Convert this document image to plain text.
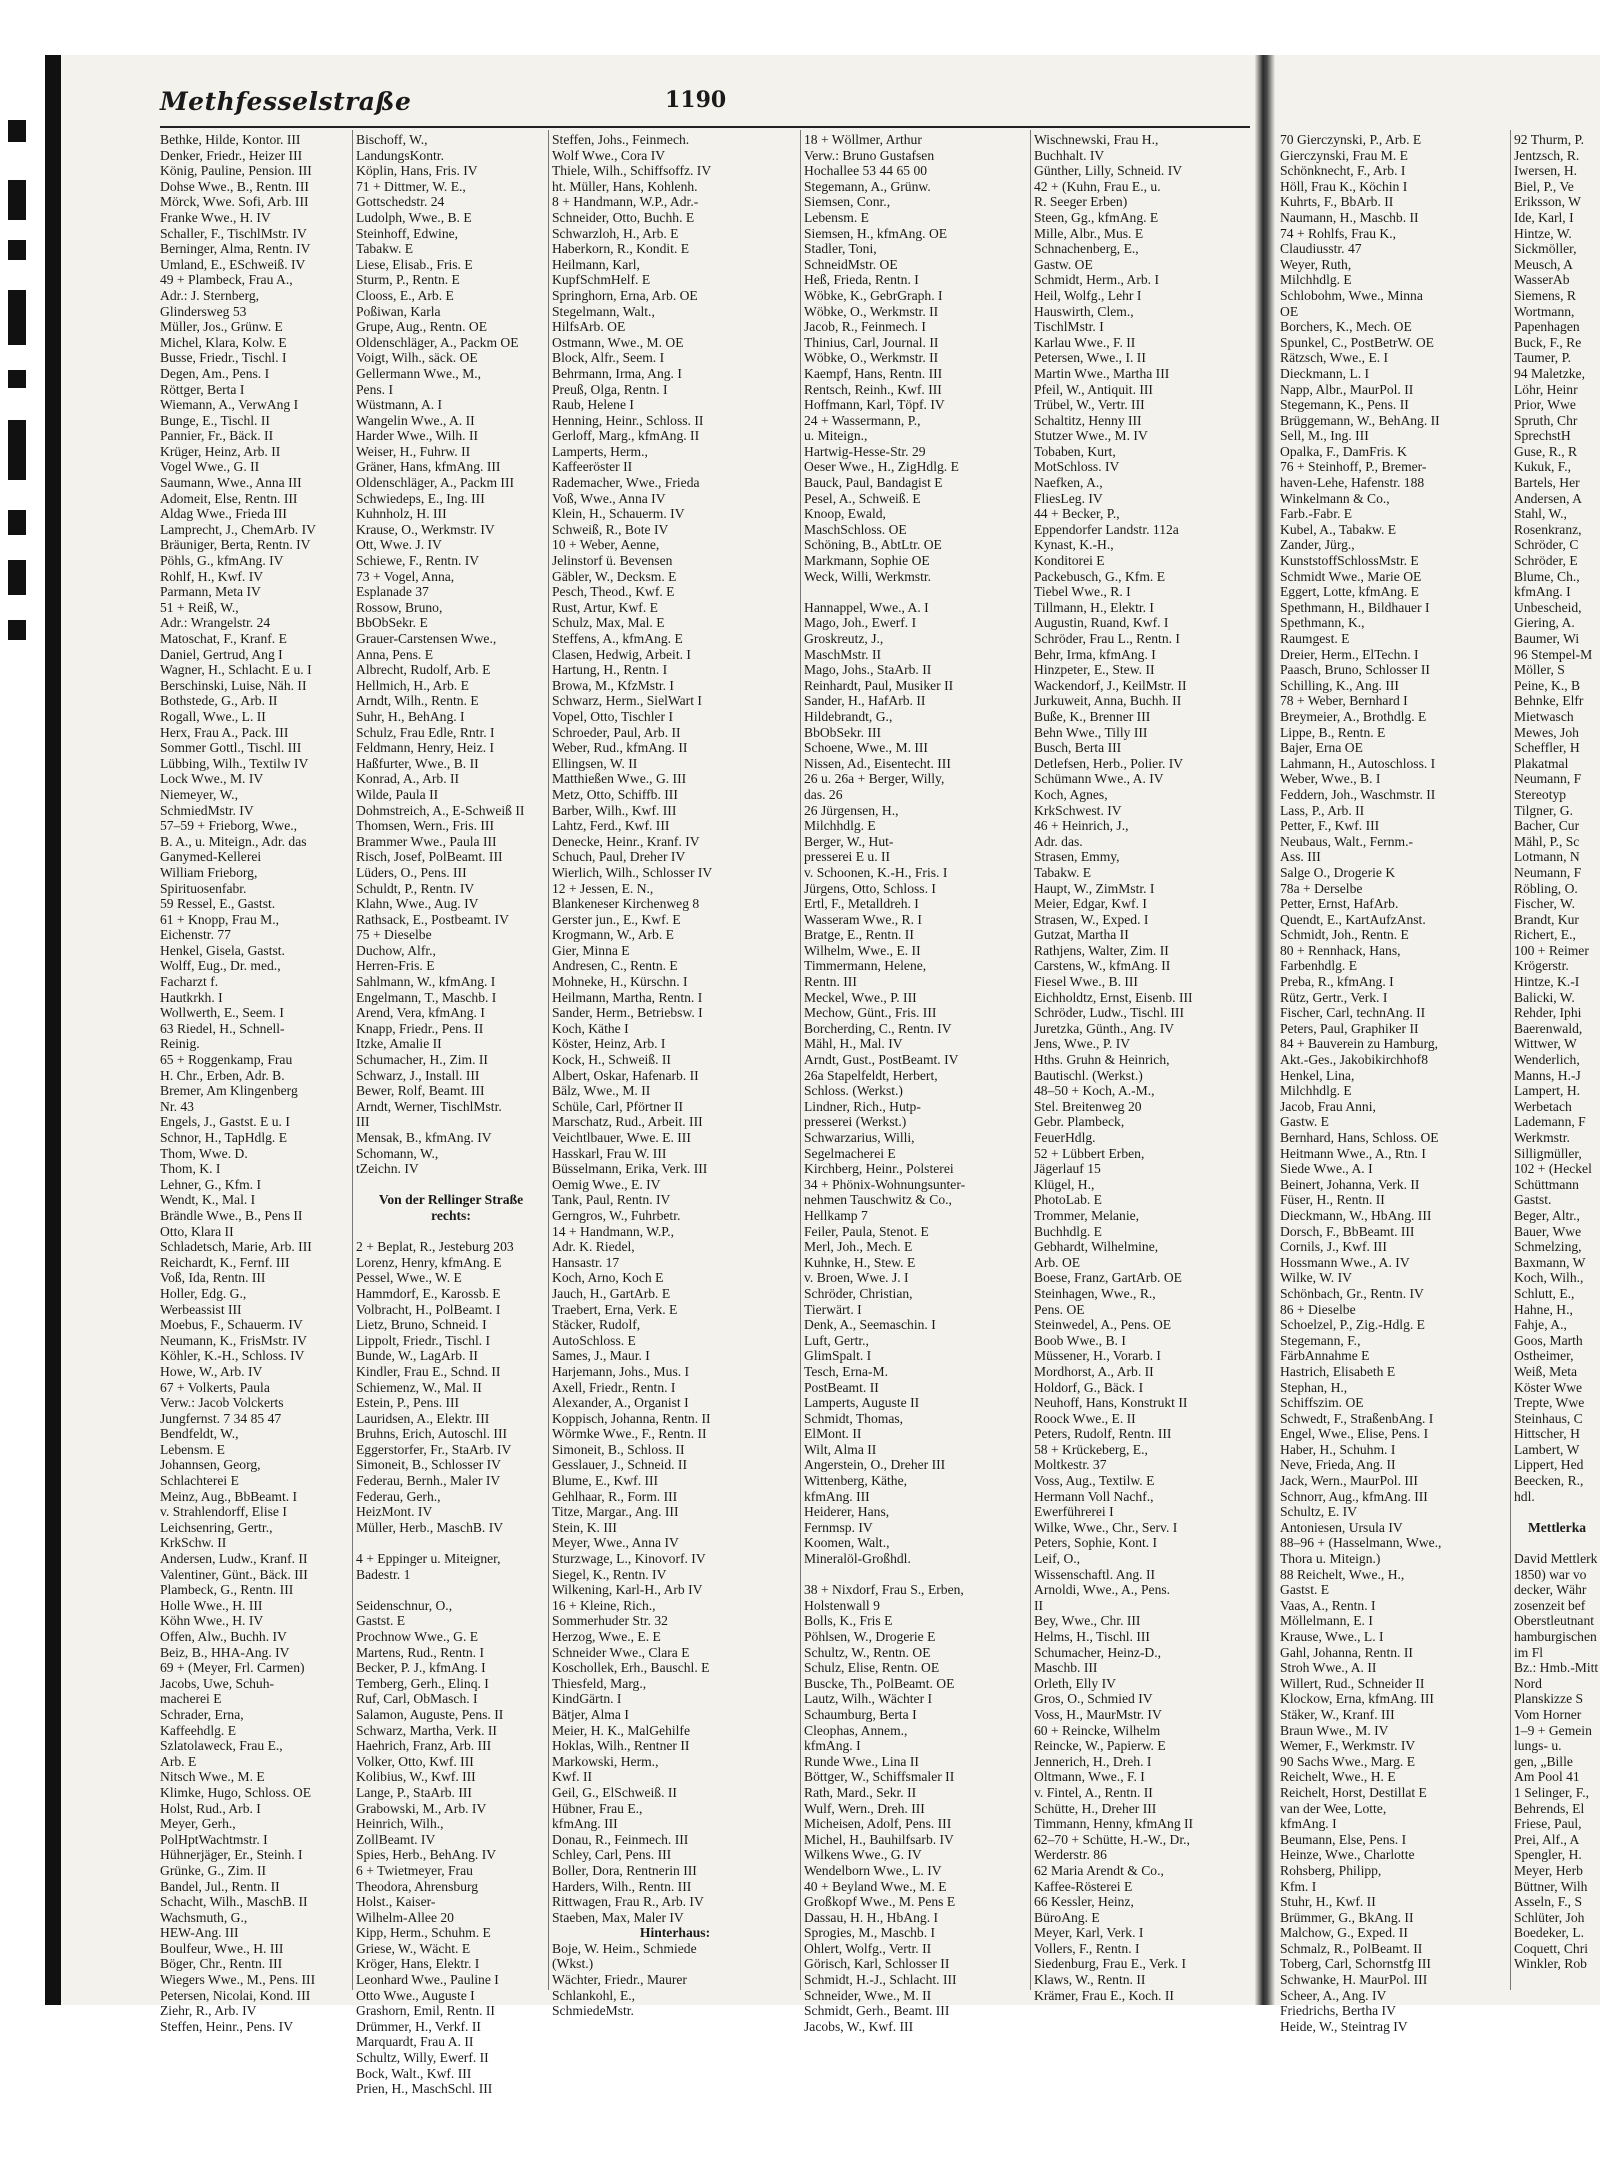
Methfesselstraße	1190
Bethke, Hilde, Kontor. III
Denker, Friedr., Heizer III
König, Pauline, Pension. III
Dohse Wwe., B., Rentn. III
Mörck, Wwe. Sofi, Arb. III
Franke Wwe., H. IV
Schaller, F., TischlMstr. IV
Berninger, Alma, Rentn. IV
Umland, E., ESchweiß. IV
49 + Plambeck, Frau A.,
Adr.: J. Sternberg,
Glindersweg 53
Müller, Jos., Grünw. E
Michel, Klara, Kolw. E
Busse, Friedr., Tischl. I
Degen, Am., Pens. I
Röttger, Berta I
Wiemann, A., VerwAng I
Bunge, E., Tischl. II
Pannier, Fr., Bäck. II
Krüger, Heinz, Arb. II
Vogel Wwe., G. II
Saumann, Wwe., Anna III
Adomeit, Else, Rentn. III
Aldag Wwe., Frieda III
Lamprecht, J., ChemArb. IV
Bräuniger, Berta, Rentn. IV
Pöhls, G., kfmAng. IV
Rohlf, H., Kwf. IV
Parmann, Meta IV
51 + Reiß, W.,
Adr.: Wrangelstr. 24
Matoschat, F., Kranf. E
Daniel, Gertrud, Ang I
Wagner, H., Schlacht. E u. I
Berschinski, Luise, Näh. II
Bothstede, G., Arb. II
Rogall, Wwe., L. II
Herx, Frau A., Pack. III
Sommer Gottl., Tischl. III
Lübbing, Wilh., Textilw IV
Lock Wwe., M. IV
Niemeyer, W.,
SchmiedMstr. IV
57–59 + Frieborg, Wwe.,
B. A., u. Miteign., Adr. das
Ganymed-Kellerei
William Frieborg,
Spirituosenfabr.
59 Ressel, E., Gastst.
61 + Knopp, Frau M.,
Eichenstr. 77
Henkel, Gisela, Gastst.
Wolff, Eug., Dr. med.,
Facharzt f.
Hautkrkh. I
Wollwerth, E., Seem. I
63 Riedel, H., Schnell-
Reinig.
65 + Roggenkamp, Frau
H. Chr., Erben, Adr. B.
Bremer, Am Klingenberg
Nr. 43
Engels, J., Gastst. E u. I
Schnor, H., TapHdlg. E
Thom, Wwe. D.
Thom, K. I
Lehner, G., Kfm. I
Wendt, K., Mal. I
Brändle Wwe., B., Pens II
Otto, Klara II
Schladetsch, Marie, Arb. III
Reichardt, K., Fernf. III
Voß, Ida, Rentn. III
Holler, Edg. G.,
Werbeassist III
Moebus, F., Schauerm. IV
Neumann, K., FrisMstr. IV
Köhler, K.-H., Schloss. IV
Howe, W., Arb. IV
67 + Volkerts, Paula
Verw.: Jacob Volckerts
Jungfernst. 7 34 85 47
Bendfeldt, W.,
Lebensm. E
Johannsen, Georg,
Schlachterei E
Meinz, Aug., BbBeamt. I
v. Strahlendorff, Elise I
Leichsenring, Gertr.,
KrkSchw. II
Andersen, Ludw., Kranf. II
Valentiner, Günt., Bäck. III
Plambeck, G., Rentn. III
Holle Wwe., H. III
Köhn Wwe., H. IV
Offen, Alw., Buchh. IV
Beiz, B., HHA-Ang. IV
69 + (Meyer, Frl. Carmen)
Jacobs, Uwe, Schuh-
macherei E
Schrader, Erna,
Kaffeehdlg. E
Szlatolaweck, Frau E.,
Arb. E
Nitsch Wwe., M. E
Klimke, Hugo, Schloss. OE
Holst, Rud., Arb. I
Meyer, Gerh.,
PolHptWachtmstr. I
Hühnerjäger, Er., Steinh. I
Grünke, G., Zim. II
Bandel, Jul., Rentn. II
Schacht, Wilh., MaschB. II
Wachsmuth, G.,
HEW-Ang. III
Boulfeur, Wwe., H. III
Böger, Chr., Rentn. III
Wiegers Wwe., M., Pens. III
Petersen, Nicolai, Kond. III
Ziehr, R., Arb. IV
Steffen, Heinr., Pens. IV
Bischoff, W.,
LandungsKontr.
Köplin, Hans, Fris. IV
71 + Dittmer, W. E.,
Gottschedstr. 24
Ludolph, Wwe., B. E
Steinhoff, Edwine,
Tabakw. E
Liese, Elisab., Fris. E
Sturm, P., Rentn. E
Clooss, E., Arb. E
Poßiwan, Karla
Grupe, Aug., Rentn. OE
Oldenschläger, A., Packm OE
Voigt, Wilh., säck. OE
Gellermann Wwe., M.,
Pens. I
Wüstmann, A. I
Wangelin Wwe., A. II
Harder Wwe., Wilh. II
Weiser, H., Fuhrw. II
Gräner, Hans, kfmAng. III
Oldenschläger, A., Packm III
Schwiedeps, E., Ing. III
Kuhnholz, H. III
Krause, O., Werkmstr. IV
Ott, Wwe. J. IV
Schiewe, F., Rentn. IV
73 + Vogel, Anna,
Esplanade 37
Rossow, Bruno,
BbObSekr. E
Grauer-Carstensen Wwe.,
Anna, Pens. E
Albrecht, Rudolf, Arb. E
Hellmich, H., Arb. E
Arndt, Wilh., Rentn. E
Suhr, H., BehAng. I
Schulz, Frau Edle, Rntr. I
Feldmann, Henry, Heiz. I
Haßfurter, Wwe., B. II
Konrad, A., Arb. II
Wilde, Paula II
Dohmstreich, A., E-Schweiß II
Thomsen, Wern., Fris. III
Brammer Wwe., Paula III
Risch, Josef, PolBeamt. III
Lüders, O., Pens. III
Schuldt, P., Rentn. IV
Klahn, Wwe., Aug. IV
Rathsack, E., Postbeamt. IV
75 + Dieselbe
Duchow, Alfr.,
Herren-Fris. E
Sahlmann, W., kfmAng. I
Engelmann, T., Maschb. I
Arend, Vera, kfmAng. I
Knapp, Friedr., Pens. II
Itzke, Amalie II
Schumacher, H., Zim. II
Schwarz, J., Install. III
Bewer, Rolf, Beamt. III
Arndt, Werner, TischlMstr.
III
Mensak, B., kfmAng. IV
Schomann, W.,
tZeichn. IV
Von der Rellinger Straße
rechts:
2 + Beplat, R., Jesteburg 203
Lorenz, Henry, kfmAng. E
Pessel, Wwe., W. E
Hammdorf, E., Karossb. E
Volbracht, H., PolBeamt. I
Lietz, Bruno, Schneid. I
Lippolt, Friedr., Tischl. I
Bunde, W., LagArb. II
Kindler, Frau E., Schnd. II
Schiemenz, W., Mal. II
Estein, P., Pens. III
Lauridsen, A., Elektr. III
Bruhns, Erich, Autoschl. III
Eggerstorfer, Fr., StaArb. IV
Simoneit, B., Schlosser IV
Federau, Bernh., Maler IV
Federau, Gerh.,
HeizMont. IV
Müller, Herb., MaschB. IV
4 + Eppinger u. Miteigner,
Badestr. 1
Seidenschnur, O.,
Gastst. E
Prochnow Wwe., G. E
Martens, Rud., Rentn. I
Becker, P. J., kfmAng. I
Temberg, Gerh., Elinq. I
Ruf, Carl, ObMasch. I
Salamon, Auguste, Pens. II
Schwarz, Martha, Verk. II
Haehrich, Franz, Arb. III
Volker, Otto, Kwf. III
Kolibius, W., Kwf. III
Lange, P., StaArb. III
Grabowski, M., Arb. IV
Heinrich, Wilh.,
ZollBeamt. IV
Spies, Herb., BehAng. IV
6 + Twietmeyer, Frau
Theodora, Ahrensburg
Holst., Kaiser-
Wilhelm-Allee 20
Kipp, Herm., Schuhm. E
Griese, W., Wächt. E
Kröger, Hans, Elektr. I
Leonhard Wwe., Pauline I
Otto Wwe., Auguste I
Grashorn, Emil, Rentn. II
Drümmer, H., Verkf. II
Marquardt, Frau A. II
Schultz, Willy, Ewerf. II
Bock, Walt., Kwf. III
Prien, H., MaschSchl. III
Steffen, Johs., Feinmech.
Wolf Wwe., Cora IV
Thiele, Wilh., Schiffsoffz. IV
ht. Müller, Hans, Kohlenh.
8 + Handmann, W.P., Adr.-
Schneider, Otto, Buchh. E
Schwarzloh, H., Arb. E
Haberkorn, R., Kondit. E
Heilmann, Karl,
KupfSchmHelf. E
Springhorn, Erna, Arb. OE
Stegelmann, Walt.,
HilfsArb. OE
Ostmann, Wwe., M. OE
Block, Alfr., Seem. I
Behrmann, Irma, Ang. I
Preuß, Olga, Rentn. I
Raub, Helene I
Henning, Heinr., Schloss. II
Gerloff, Marg., kfmAng. II
Lamperts, Herm.,
Kaffeeröster II
Rademacher, Wwe., Frieda
Voß, Wwe., Anna IV
Klein, H., Schauerm. IV
Schweiß, R., Bote IV
10 + Weber, Aenne,
Jelinstorf ü. Bevensen
Gäbler, W., Decksm. E
Pesch, Theod., Kwf. E
Rust, Artur, Kwf. E
Schulz, Max, Mal. E
Steffens, A., kfmAng. E
Clasen, Hedwig, Arbeit. I
Hartung, H., Rentn. I
Browa, M., KfzMstr. I
Schwarz, Herm., SielWart I
Vopel, Otto, Tischler I
Schroeder, Paul, Arb. II
Weber, Rud., kfmAng. II
Ellingsen, W. II
Matthießen Wwe., G. III
Metz, Otto, Schiffb. III
Barber, Wilh., Kwf. III
Lahtz, Ferd., Kwf. III
Denecke, Heinr., Kranf. IV
Schuch, Paul, Dreher IV
Wierlich, Wilh., Schlosser IV
12 + Jessen, E. N.,
Blankeneser Kirchenweg 8
Gerster jun., E., Kwf. E
Krogmann, W., Arb. E
Gier, Minna E
Andresen, C., Rentn. E
Mohneke, H., Kürschn. I
Heilmann, Martha, Rentn. I
Sander, Herm., Betriebsw. I
Koch, Käthe I
Köster, Heinz, Arb. I
Kock, H., Schweiß. II
Albert, Oskar, Hafenarb. II
Bälz, Wwe., M. II
Schüle, Carl, Pförtner II
Marschatz, Rud., Arbeit. III
Veichtlbauer, Wwe. E. III
Hasskarl, Frau W. III
Büsselmann, Erika, Verk. III
Oemig Wwe., E. IV
Tank, Paul, Rentn. IV
Gerngros, W., Fuhrbetr.
14 + Handmann, W.P.,
Adr. K. Riedel,
Hansastr. 17
Koch, Arno, Koch E
Jauch, H., GartArb. E
Traebert, Erna, Verk. E
Stäcker, Rudolf,
AutoSchloss. E
Sames, J., Maur. I
Harjemann, Johs., Mus. I
Axell, Friedr., Rentn. I
Alexander, A., Organist I
Koppisch, Johanna, Rentn. II
Wörmke Wwe., F., Rentn. II
Simoneit, B., Schloss. II
Gesslauer, J., Schneid. II
Blume, E., Kwf. III
Gehlhaar, R., Form. III
Titze, Margar., Ang. III
Stein, K. III
Meyer, Wwe., Anna IV
Sturzwage, L., Kinovorf. IV
Siegel, K., Rentn. IV
Wilkening, Karl-H., Arb IV
16 + Kleine, Rich.,
Sommerhuder Str. 32
Herzog, Wwe., E. E
Schneider Wwe., Clara E
Koschollek, Erh., Bauschl. E
Thiesfeld, Marg.,
KindGärtn. I
Bätjer, Alma I
Meier, H. K., MalGehilfe
Hoklas, Wilh., Rentner II
Markowski, Herm.,
Kwf. II
Geil, G., ElSchweiß. II
Hübner, Frau E.,
kfmAng. III
Donau, R., Feinmech. III
Schley, Carl, Pens. III
Boller, Dora, Rentnerin III
Harders, Wilh., Rentn. III
Rittwagen, Frau R., Arb. IV
Staeben, Max, Maler IV
Hinterhaus:
Boje, W. Heim., Schmiede
(Wkst.)
Wächter, Friedr., Maurer
Schlankohl, E.,
SchmiedeMstr.
18 + Wöllmer, Arthur
Verw.: Bruno Gustafsen
Hochallee 53 44 65 00
Stegemann, A., Grünw.
Siemsen, Conr.,
Lebensm. E
Siemsen, H., kfmAng. OE
Stadler, Toni,
SchneidMstr. OE
Heß, Frieda, Rentn. I
Wöbke, K., GebrGraph. I
Wöbke, O., Werkmstr. II
Jacob, R., Feinmech. I
Thinius, Carl, Journal. II
Wöbke, O., Werkmstr. II
Kaempf, Hans, Rentn. III
Rentsch, Reinh., Kwf. III
Hoffmann, Karl, Töpf. IV
24 + Wassermann, P.,
u. Miteign.,
Hartwig-Hesse-Str. 29
Oeser Wwe., H., ZigHdlg. E
Bauck, Paul, Bandagist E
Pesel, A., Schweiß. E
Knoop, Ewald,
MaschSchloss. OE
Schöning, B., AbtLtr. OE
Markmann, Sophie OE
Weck, Willi, Werkmstr.
Hannappel, Wwe., A. I
Mago, Joh., Ewerf. I
Groskreutz, J.,
MaschMstr. II
Mago, Johs., StaArb. II
Reinhardt, Paul, Musiker II
Sander, H., HafArb. II
Hildebrandt, G.,
BbObSekr. III
Schoene, Wwe., M. III
Nissen, Ad., Eisentecht. III
26 u. 26a + Berger, Willy,
das. 26
26 Jürgensen, H.,
Milchhdlg. E
Berger, W., Hut-
presserei E u. II
v. Schoonen, K.-H., Fris. I
Jürgens, Otto, Schloss. I
Ertl, F., Metalldreh. I
Wasseram Wwe., R. I
Bratge, E., Rentn. II
Wilhelm, Wwe., E. II
Timmermann, Helene,
Rentn. III
Meckel, Wwe., P. III
Mechow, Günt., Fris. III
Borcherding, C., Rentn. IV
Mähl, H., Mal. IV
Arndt, Gust., PostBeamt. IV
26a Stapelfeldt, Herbert,
Schloss. (Werkst.)
Lindner, Rich., Hutp-
presserei (Werkst.)
Schwarzarius, Willi,
Segelmacherei E
Kirchberg, Heinr., Polsterei
34 + Phönix-Wohnungsunter-
nehmen Tauschwitz & Co.,
Hellkamp 7
Feiler, Paula, Stenot. E
Merl, Joh., Mech. E
Kuhnke, H., Stew. E
v. Broen, Wwe. J. I
Schröder, Christian,
Tierwärt. I
Denk, A., Seemaschin. I
Luft, Gertr.,
GlimSpalt. I
Tesch, Erna-M.
PostBeamt. II
Lamperts, Auguste II
Schmidt, Thomas,
ElMont. II
Wilt, Alma II
Angerstein, O., Dreher III
Wittenberg, Käthe,
kfmAng. III
Heiderer, Hans,
Fernmsp. IV
Koomen, Walt.,
Mineralöl-Großhdl.
38 + Nixdorf, Frau S., Erben,
Holstenwall 9
Bolls, K., Fris E
Pöhlsen, W., Drogerie E
Schultz, W., Rentn. OE
Schulz, Elise, Rentn. OE
Buscke, Th., PolBeamt. OE
Lautz, Wilh., Wächter I
Schaumburg, Berta I
Cleophas, Annem.,
kfmAng. I
Runde Wwe., Lina II
Böttger, W., Schiffsmaler II
Rath, Mard., Sekr. II
Wulf, Wern., Dreh. III
Micheisen, Adolf, Pens. III
Michel, H., Bauhilfsarb. IV
Wilkens Wwe., G. IV
Wendelborn Wwe., L. IV
40 + Beyland Wwe., M. E
Großkopf Wwe., M. Pens E
Dassau, H. H., HbAng. I
Sprogies, M., Maschb. I
Ohlert, Wolfg., Vertr. II
Görisch, Karl, Schlosser II
Schmidt, H.-J., Schlacht. III
Schneider, Wwe., M. II
Schmidt, Gerh., Beamt. III
Jacobs, W., Kwf. III
Wischnewski, Frau H.,
Buchhalt. IV
Günther, Lilly, Schneid. IV
42 + (Kuhn, Frau E., u.
R. Seeger Erben)
Steen, Gg., kfmAng. E
Mille, Albr., Mus. E
Schnachenberg, E.,
Gastw. OE
Schmidt, Herm., Arb. I
Heil, Wolfg., Lehr I
Hauswirth, Clem.,
TischlMstr. I
Karlau Wwe., F. II
Petersen, Wwe., I. II
Martin Wwe., Martha III
Pfeil, W., Antiquit. III
Trübel, W., Vertr. III
Schaltitz, Henny III
Stutzer Wwe., M. IV
Tobaben, Kurt,
MotSchloss. IV
Naefken, A.,
FliesLeg. IV
44 + Becker, P.,
Eppendorfer Landstr. 112a
Kynast, K.-H.,
Konditorei E
Packebusch, G., Kfm. E
Tiebel Wwe., R. I
Tillmann, H., Elektr. I
Augustin, Ruand, Kwf. I
Schröder, Frau L., Rentn. I
Behr, Irma, kfmAng. I
Hinzpeter, E., Stew. II
Wackendorf, J., KeilMstr. II
Jurkuweit, Anna, Buchh. II
Buße, K., Brenner III
Behn Wwe., Tilly III
Busch, Berta III
Detlefsen, Herb., Polier. IV
Schümann Wwe., A. IV
Koch, Agnes,
KrkSchwest. IV
46 + Heinrich, J.,
Adr. das.
Strasen, Emmy,
Tabakw. E
Haupt, W., ZimMstr. I
Meier, Edgar, Kwf. I
Strasen, W., Exped. I
Gutzat, Martha II
Rathjens, Walter, Zim. II
Carstens, W., kfmAng. II
Fiesel Wwe., B. III
Eichholdtz, Ernst, Eisenb. III
Schröder, Ludw., Tischl. III
Juretzka, Günth., Ang. IV
Jens, Wwe., P. IV
Hths. Gruhn & Heinrich,
Bautischl. (Werkst.)
48–50 + Koch, A.-M.,
Stel. Breitenweg 20
Gebr. Plambeck,
FeuerHdlg.
52 + Lübbert Erben,
Jägerlauf 15
Klügel, H.,
PhotoLab. E
Trommer, Melanie,
Buchhdlg. E
Gebhardt, Wilhelmine,
Arb. OE
Boese, Franz, GartArb. OE
Steinhagen, Wwe., R.,
Pens. OE
Steinwedel, A., Pens. OE
Boob Wwe., B. I
Müssener, H., Vorarb. I
Mordhorst, A., Arb. II
Holdorf, G., Bäck. I
Neuhoff, Hans, Konstrukt II
Roock Wwe., E. II
Peters, Rudolf, Rentn. III
58 + Krückeberg, E.,
Moltkestr. 37
Voss, Aug., Textilw. E
Hermann Voll Nachf.,
Ewerführerei I
Wilke, Wwe., Chr., Serv. I
Peters, Sophie, Kont. I
Leif, O.,
Wissenschaftl. Ang. II
Arnoldi, Wwe., A., Pens.
II
Bey, Wwe., Chr. III
Helms, H., Tischl. III
Schumacher, Heinz-D.,
Maschb. III
Orleth, Elly IV
Gros, O., Schmied IV
Voss, H., MaurMstr. IV
60 + Reincke, Wilhelm
Reincke, W., Papierw. E
Jennerich, H., Dreh. I
Oltmann, Wwe., F. I
v. Fintel, A., Rentn. II
Schütte, H., Dreher III
Timmann, Henny, kfmAng II
62–70 + Schütte, H.-W., Dr.,
Werderstr. 86
62 Maria Arendt & Co.,
Kaffee-Rösterei E
66 Kessler, Heinz,
BüroAng. E
Meyer, Karl, Verk. I
Vollers, F., Rentn. I
Siedenburg, Frau E., Verk. I
Klaws, W., Rentn. II
Krämer, Frau E., Koch. II
70 Gierczynski, P., Arb. E
Gierczynski, Frau M. E
Schönknecht, F., Arb. I
Höll, Frau K., Köchin I
Kuhrts, F., BbArb. II
Naumann, H., Maschb. II
74 + Rohlfs, Frau K.,
Claudiusstr. 47
Weyer, Ruth,
Milchhdlg. E
Schlobohm, Wwe., Minna
OE
Borchers, K., Mech. OE
Spunkel, C., PostBetrW. OE
Rätzsch, Wwe., E. I
Dieckmann, L. I
Napp, Albr., MaurPol. II
Stegemann, K., Pens. II
Brüggemann, W., BehAng. II
Sell, M., Ing. III
Opalka, F., DamFris. K
76 + Steinhoff, P., Bremer-
haven-Lehe, Hafenstr. 188
Winkelmann & Co.,
Farb.-Fabr. E
Kubel, A., Tabakw. E
Zander, Jürg.,
KunststoffSchlossMstr. E
Schmidt Wwe., Marie OE
Eggert, Lotte, kfmAng. E
Spethmann, H., Bildhauer I
Spethmann, K.,
Raumgest. E
Dreier, Herm., ElTechn. I
Paasch, Bruno, Schlosser II
Schilling, K., Ang. III
78 + Weber, Bernhard I
Breymeier, A., Brothdlg. E
Lippe, B., Rentn. E
Bajer, Erna OE
Lahmann, H., Autoschloss. I
Weber, Wwe., B. I
Feddern, Joh., Waschmstr. II
Lass, P., Arb. II
Petter, F., Kwf. III
Neubaus, Walt., Fernm.-
Ass. III
Salge O., Drogerie K
78a + Derselbe
Petter, Ernst, HafArb.
Quendt, E., KartAufzAnst.
Schmidt, Joh., Rentn. E
80 + Rennhack, Hans,
Farbenhdlg. E
Preba, R., kfmAng. I
Rütz, Gertr., Verk. I
Fischer, Carl, technAng. II
Peters, Paul, Graphiker II
84 + Bauverein zu Hamburg,
Akt.-Ges., Jakobikirchhof8
Henkel, Lina,
Milchhdlg. E
Jacob, Frau Anni,
Gastw. E
Bernhard, Hans, Schloss. OE
Heitmann Wwe., A., Rtn. I
Siede Wwe., A. I
Beinert, Johanna, Verk. II
Füser, H., Rentn. II
Dieckmann, W., HbAng. III
Dorsch, F., BbBeamt. III
Cornils, J., Kwf. III
Hossmann Wwe., A. IV
Wilke, W. IV
Schönbach, Gr., Rentn. IV
86 + Dieselbe
Schoelzel, P., Zig.-Hdlg. E
Stegemann, F.,
FärbAnnahme E
Hastrich, Elisabeth E
Stephan, H.,
Schiffszim. OE
Schwedt, F., StraßenbAng. I
Engel, Wwe., Elise, Pens. I
Haber, H., Schuhm. I
Neve, Frieda, Ang. II
Jack, Wern., MaurPol. III
Schnorr, Aug., kfmAng. III
Schultz, E. IV
Antoniesen, Ursula IV
88–96 + (Hasselmann, Wwe.,
Thora u. Miteign.)
88 Reichelt, Wwe., H.,
Gastst. E
Vaas, A., Rentn. I
Möllelmann, E. I
Krause, Wwe., L. I
Gahl, Johanna, Rentn. II
Stroh Wwe., A. II
Willert, Rud., Schneider II
Klockow, Erna, kfmAng. III
Stäker, W., Kranf. III
Braun Wwe., M. IV
Wemer, F., Werkmstr. IV
90 Sachs Wwe., Marg. E
Reichelt, Wwe., H. E
Reichelt, Horst, Destillat E
van der Wee, Lotte,
kfmAng. I
Beumann, Else, Pens. I
Heinze, Wwe., Charlotte
Rohsberg, Philipp,
Kfm. I
Stuhr, H., Kwf. II
Brümmer, G., BkAng. II
Malchow, G., Exped. II
Schmalz, R., PolBeamt. II
Toberg, Carl, Schornstfg III
Schwanke, H. MaurPol. III
Scheer, A., Ang. IV
Friedrichs, Bertha IV
Heide, W., Steintrag IV
92 Thurm, P.
Jentzsch, R.
Iwersen, H.
Biel, P., Ve
Eriksson, W
Ide, Karl, I
Hintze, W.
Sickmöller,
Meusch, A
WasserAb
Siemens, R
Wortmann,
Papenhagen
Buck, F., Re
Taumer, P.
94 Maletzke,
Löhr, Heinr
Prior, Wwe
Spruth, Chr
SprechstH
Guse, R., R
Kukuk, F.,
Bartels, Her
Andersen, A
Stahl, W.,
Rosenkranz,
Schröder, C
Schröder, E
Blume, Ch.,
kfmAng. I
Unbescheid,
Giering, A.
Baumer, Wi
96 Stempel-M
Möller, S
Peine, K., B
Behnke, Elfr
Mietwasch
Mewes, Joh
Scheffler, H
Plakatmal
Neumann, F
Stereotyp
Tilgner, G.
Bacher, Cur
Mähl, P., Sc
Lotmann, N
Neumann, F
Röbling, O.
Fischer, W.
Brandt, Kur
Richert, E.,
100 + Reimer
Krögerstr.
Hintze, K.-I
Balicki, W.
Rehder, Iphi
Baerenwald,
Wittwer, W
Wenderlich,
Manns, H.-J
Lampert, H.
Werbetach
Lademann, F
Werkmstr.
Silligmüller,
102 + (Heckel
Schüttmann
Gastst.
Beger, Altr.,
Bauer, Wwe
Schmelzing,
Baxmann, W
Koch, Wilh.,
Schlutt, E.,
Hahne, H.,
Fahje, A.,
Goos, Marth
Ostheimer,
Weiß, Meta
Köster Wwe
Trepte, Wwe
Steinhaus, C
Hittscher, H
Lambert, W
Lippert, Hed
Beecken, R.,
hdl.
Mettlerka
David Mettlerk
1850) war vo
decker, Währ
zosenzeit bef
Oberstleutnant
hamburgischen
im Fl
Bz.: Hmb.-Mitt
Nord
Planskizze S
Vom Horner
1–9 + Gemein
lungs- u.
gen, „Bille
Am Pool 41
1 Selinger, F.,
Behrends, El
Friese, Paul,
Prei, Alf., A
Spengler, H.
Meyer, Herb
Büttner, Wilh
Asseln, F., S
Schlüter, Joh
Boedeker, L.
Coquett, Chri
Winkler, Rob
